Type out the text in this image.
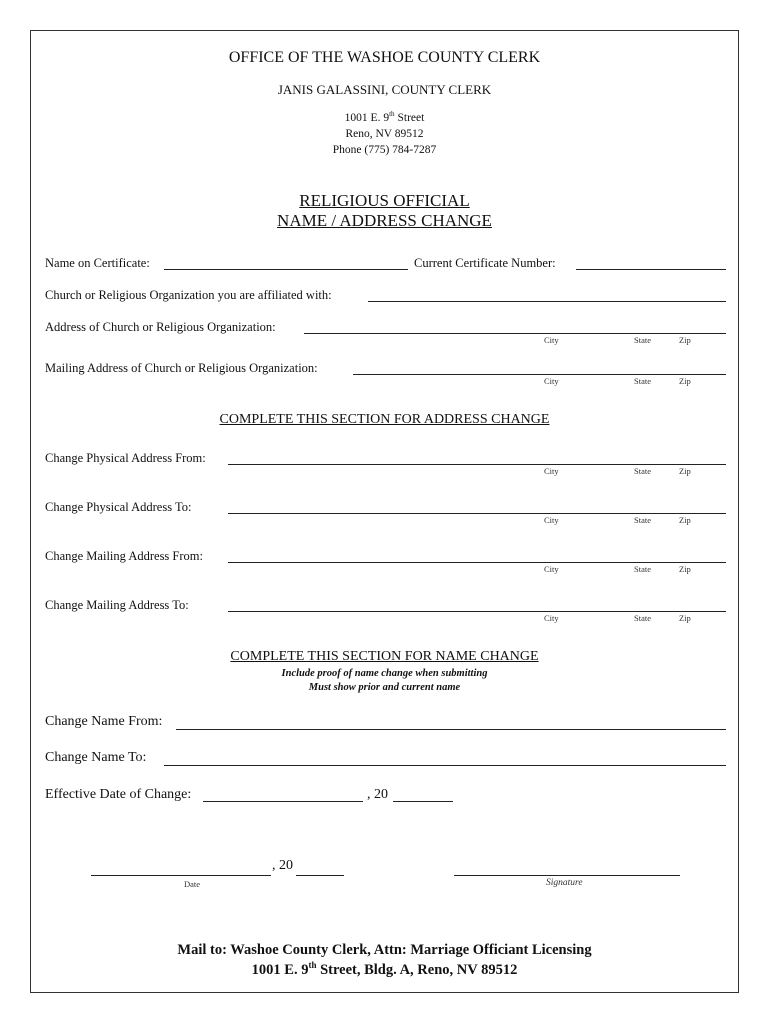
OFFICE OF THE WASHOE COUNTY CLERK
JANIS GALASSINI, COUNTY CLERK
1001 E. 9th Street
Reno, NV 89512
Phone (775) 784-7287
RELIGIOUS OFFICIAL
NAME / ADDRESS CHANGE
Name on Certificate:	Current Certificate Number:
Church or Religious Organization you are affiliated with:
Address of Church or Religious Organization:
City	State	Zip
Mailing Address of Church or Religious Organization:
City	State	Zip
COMPLETE THIS SECTION FOR ADDRESS CHANGE
Change Physical Address From:
City	State	Zip
Change Physical Address To:
City	State	Zip
Change Mailing Address From:
City	State	Zip
Change Mailing Address To:
City	State	Zip
COMPLETE THIS SECTION FOR NAME CHANGE
Include proof of name change when submitting
Must show prior and current name
Change Name From:
Change Name To:
Effective Date of Change:	, 20
, 20
Date	Signature
Mail to: Washoe County Clerk, Attn: Marriage Officiant Licensing
1001 E. 9th Street, Bldg. A, Reno, NV 89512
